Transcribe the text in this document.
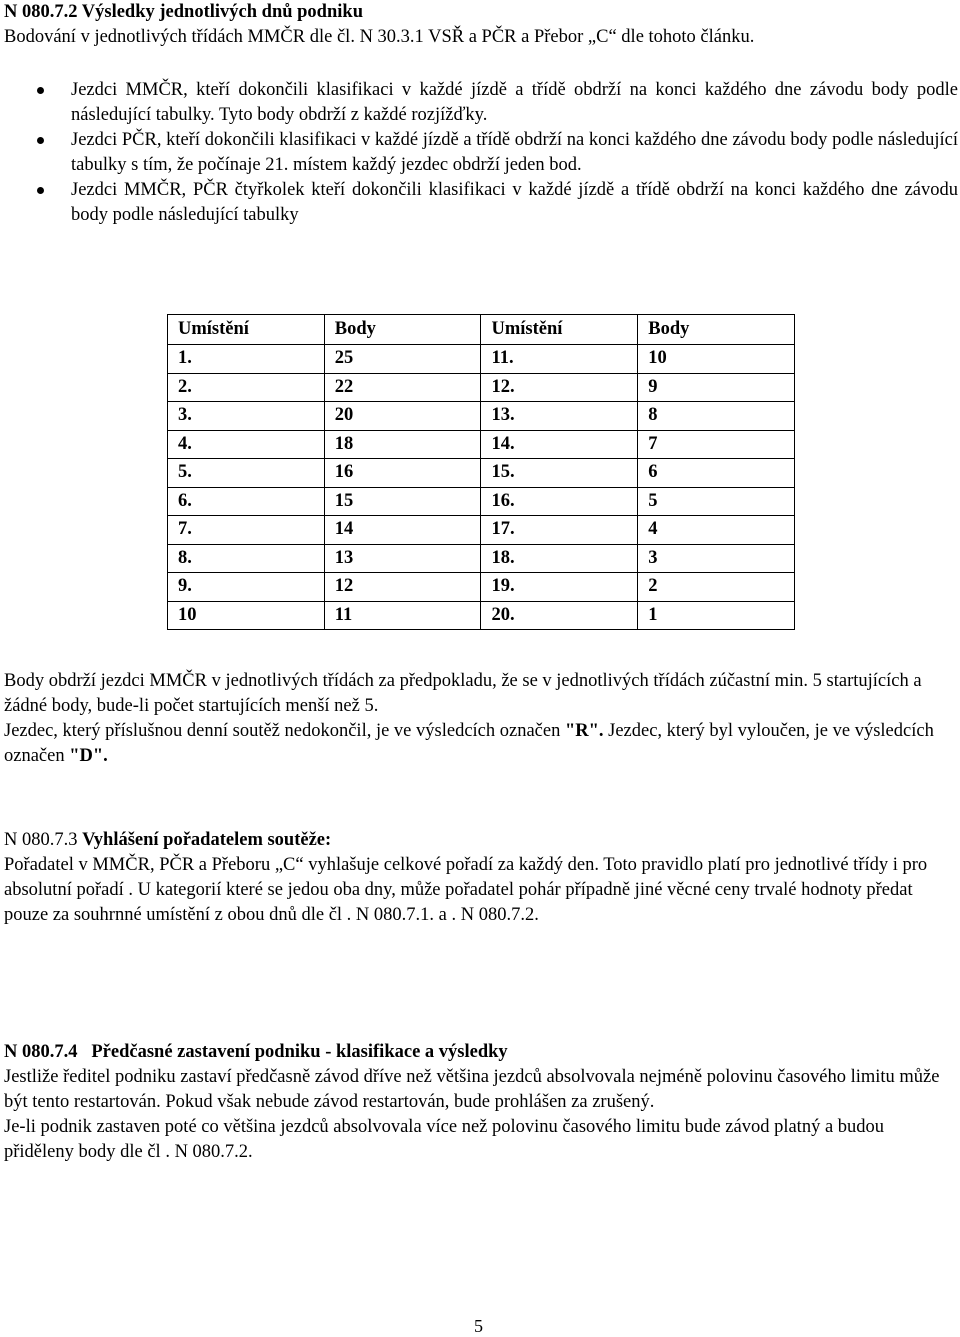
N 080.7.2 Výsledky jednotlivých dnů podniku

Bodování v jednotlivých třídách MMČR dle čl. N 30.3.1 VSŘ a PČR a Přebor „C“ dle tohoto článku.

Jezdci MMČR, kteří dokončili klasifikaci v každé jízdě a třídě obdrží na konci každého dne závodu body podle následující tabulky. Tyto body obdrží z každé rozjížďky.
Jezdci PČR, kteří dokončili klasifikaci v každé jízdě a třídě obdrží na konci každého dne závodu body podle následující tabulky s tím, že počínaje 21. místem každý jezdec obdrží jeden bod.
Jezdci MMČR, PČR čtyřkolek kteří dokončili klasifikaci v každé jízdě a třídě obdrží na konci každého dne závodu body podle následující tabulky
Umístění	Body	Umístění	Body
1.	25	11.	10
2.	22	12.	9
3.	20	13.	8
4.	18	14.	7
5.	16	15.	6
6.	15	16.	5
7.	14	17.	4
8.	13	18.	3
9.	12	19.	2
10	11	20.	1

Body obdrží jezdci MMČR v jednotlivých třídách za předpokladu, že se v jednotlivých třídách zúčastní min. 5 startujících a žádné body, bude-li počet startujících menší než 5.

Jezdec, který příslušnou denní soutěž nedokončil, je ve výsledcích označen "R". Jezdec, který byl vyloučen, je ve výsledcích označen "D".

N 080.7.3 Vyhlášení pořadatelem soutěže:

Pořadatel v MMČR, PČR a Přeboru „C“ vyhlašuje celkové pořadí za každý den. Toto pravidlo platí pro jednotlivé třídy i pro absolutní pořadí . U kategorií které se jedou oba dny, může pořadatel pohár případně jiné věcné ceny trvalé hodnoty předat pouze za souhrnné umístění z obou dnů dle čl . N 080.7.1. a . N 080.7.2.

N 080.7.4   Předčasné zastavení podniku - klasifikace a výsledky

Jestliže ředitel podniku zastaví předčasně závod dříve než většina jezdců absolvovala nejméně polovinu časového limitu může být tento restartován. Pokud však nebude závod restartován, bude prohlášen za zrušený.

Je-li podnik zastaven poté co většina jezdců absolvovala více než polovinu časového limitu bude závod platný a budou přiděleny body dle čl . N 080.7.2.

5
